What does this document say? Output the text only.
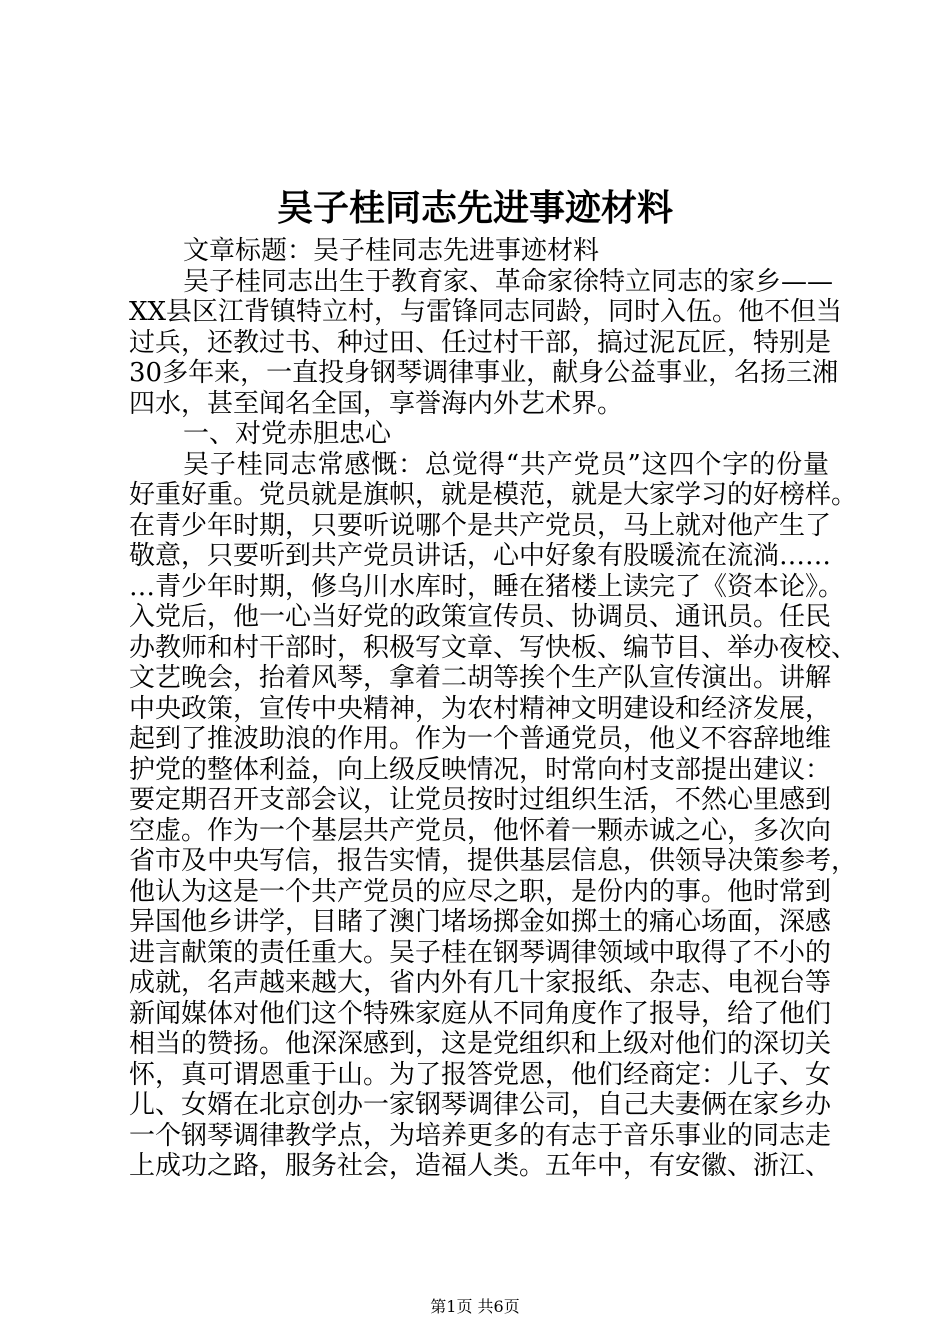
吴子桂同志先进事迹材料
文章标题：吴子桂同志先进事迹材料
吴子桂同志出生于教育家、革命家徐特立同志的家乡——
XX县区江背镇特立村，与雷锋同志同龄，同时入伍。他不但当
过兵，还教过书、种过田、任过村干部，搞过泥瓦匠，特别是
30多年来，一直投身钢琴调律事业，献身公益事业，名扬三湘
四水，甚至闻名全国，享誉海内外艺术界。
一、对党赤胆忠心
吴子桂同志常感慨：总觉得“共产党员”这四个字的份量
好重好重。党员就是旗帜，就是模范，就是大家学习的好榜样。
在青少年时期，只要听说哪个是共产党员，马上就对他产生了
敬意，只要听到共产党员讲话，心中好象有股暖流在流淌……
…青少年时期，修乌川水库时，睡在猪楼上读完了《资本论》。
入党后，他一心当好党的政策宣传员、协调员、通讯员。任民
办教师和村干部时，积极写文章、写快板、编节目、举办夜校、
文艺晚会，抬着风琴，拿着二胡等挨个生产队宣传演出。讲解
中央政策，宣传中央精神，为农村精神文明建设和经济发展，
起到了推波助浪的作用。作为一个普通党员，他义不容辞地维
护党的整体利益，向上级反映情况，时常向村支部提出建议：
要定期召开支部会议，让党员按时过组织生活，不然心里感到
空虚。作为一个基层共产党员，他怀着一颗赤诚之心，多次向
省市及中央写信，报告实情，提供基层信息，供领导决策参考，
他认为这是一个共产党员的应尽之职，是份内的事。他时常到
异国他乡讲学，目睹了澳门堵场掷金如掷土的痛心场面，深感
进言献策的责任重大。吴子桂在钢琴调律领域中取得了不小的
成就，名声越来越大，省内外有几十家报纸、杂志、电视台等
新闻媒体对他们这个特殊家庭从不同角度作了报导，给了他们
相当的赞扬。他深深感到，这是党组织和上级对他们的深切关
怀，真可谓恩重于山。为了报答党恩，他们经商定：儿子、女
儿、女婿在北京创办一家钢琴调律公司，自己夫妻俩在家乡办
一个钢琴调律教学点，为培养更多的有志于音乐事业的同志走
上成功之路，服务社会，造福人类。五年中，有安徽、浙江、
第1页 共6页
